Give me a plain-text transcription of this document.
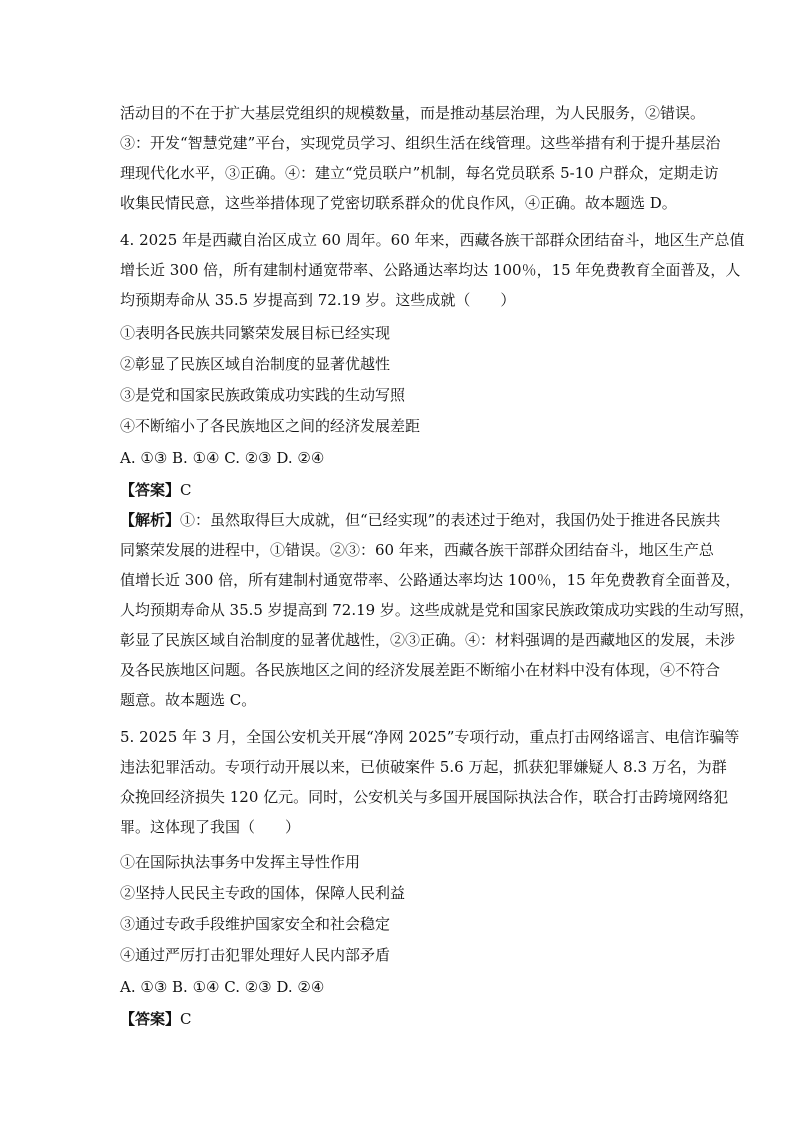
活动目的不在于扩大基层党组织的规模数量，而是推动基层治理，为人民服务，②错误。
③：开发“智慧党建”平台，实现党员学习、组织生活在线管理。这些举措有利于提升基层治
理现代化水平，③正确。④：建立“党员联户”机制，每名党员联系 5-10 户群众，定期走访
收集民情民意，这些举措体现了党密切联系群众的优良作风，④正确。故本题选 D。
4. 2025 年是西藏自治区成立 60 周年。60 年来，西藏各族干部群众团结奋斗，地区生产总值
增长近 300 倍，所有建制村通宽带率、公路通达率均达 100％，15 年免费教育全面普及，人
均预期寿命从 35.5 岁提高到 72.19 岁。这些成就（　　）
①表明各民族共同繁荣发展目标已经实现
②彰显了民族区域自治制度的显著优越性
③是党和国家民族政策成功实践的生动写照
④不断缩小了各民族地区之间的经济发展差距
A. ①③ B. ①④ C. ②③ D. ②④
【答案】C
【解析】①：虽然取得巨大成就，但“已经实现”的表述过于绝对，我国仍处于推进各民族共
同繁荣发展的进程中，①错误。②③：60 年来，西藏各族干部群众团结奋斗，地区生产总
值增长近 300 倍，所有建制村通宽带率、公路通达率均达 100％，15 年免费教育全面普及，
人均预期寿命从 35.5 岁提高到 72.19 岁。这些成就是党和国家民族政策成功实践的生动写照，
彰显了民族区域自治制度的显著优越性，②③正确。④：材料强调的是西藏地区的发展，未涉
及各民族地区问题。各民族地区之间的经济发展差距不断缩小在材料中没有体现，④不符合
题意。故本题选 C。
5. 2025 年 3 月，全国公安机关开展“净网 2025”专项行动，重点打击网络谣言、电信诈骗等
违法犯罪活动。专项行动开展以来，已侦破案件 5.6 万起，抓获犯罪嫌疑人 8.3 万名，为群
众挽回经济损失 120 亿元。同时，公安机关与多国开展国际执法合作，联合打击跨境网络犯
罪。这体现了我国（　　）
①在国际执法事务中发挥主导性作用
②坚持人民民主专政的国体，保障人民利益
③通过专政手段维护国家安全和社会稳定
④通过严厉打击犯罪处理好人民内部矛盾
A. ①③ B. ①④ C. ②③ D. ②④
【答案】C
